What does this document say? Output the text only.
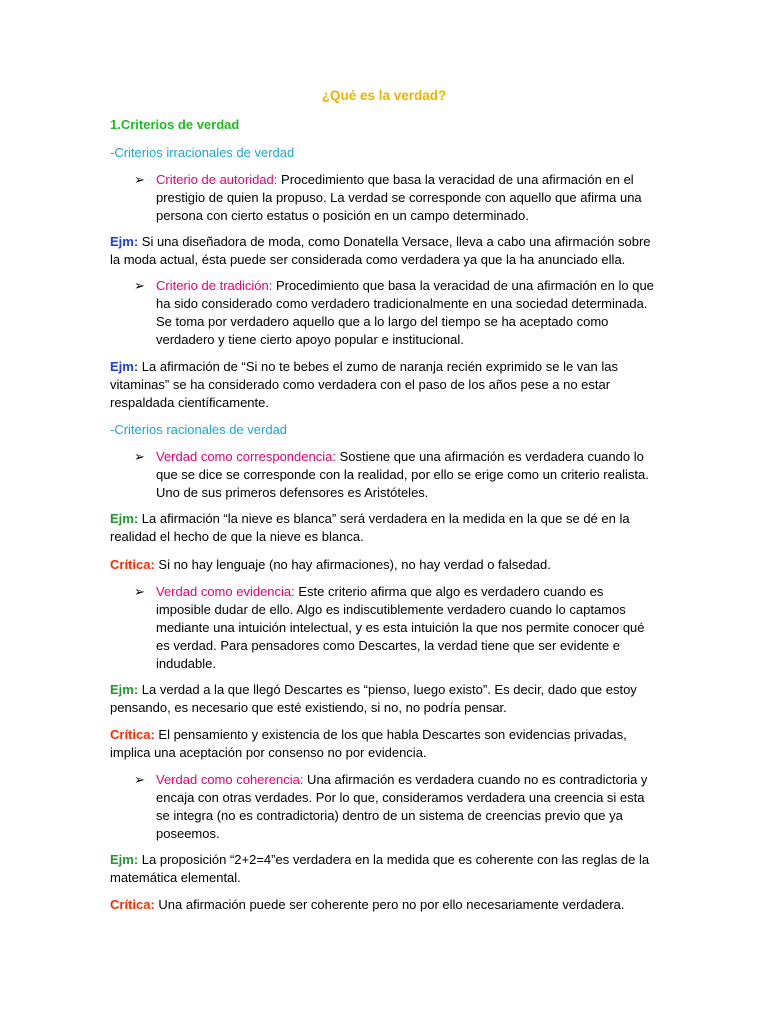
¿Qué es la verdad?
1.Criterios de verdad
-Criterios irracionales de verdad
➢ Criterio de autoridad: Procedimiento que basa la veracidad de una afirmación en el prestigio de quien la propuso. La verdad se corresponde con aquello que afirma una persona con cierto estatus o posición en un campo determinado.
Ejm: Si una diseñadora de moda, como Donatella Versace, lleva a cabo una afirmación sobre la moda actual, ésta puede ser considerada como verdadera ya que la ha anunciado ella.
➢ Criterio de tradición: Procedimiento que basa la veracidad de una afirmación en lo que ha sido considerado como verdadero tradicionalmente en una sociedad determinada. Se toma por verdadero aquello que a lo largo del tiempo se ha aceptado como verdadero y tiene cierto apoyo popular e institucional.
Ejm: La afirmación de “Si no te bebes el zumo de naranja recién exprimido se le van las vitaminas” se ha considerado como verdadera con el paso de los años pese a no estar respaldada científicamente.
-Criterios racionales de verdad
➢ Verdad como correspondencia: Sostiene que una afirmación es verdadera cuando lo que se dice se corresponde con la realidad, por ello se erige como un criterio realista. Uno de sus primeros defensores es Aristóteles.
Ejm: La afirmación “la nieve es blanca” será verdadera en la medida en la que se dé en la realidad el hecho de que la nieve es blanca.
Crítica: Si no hay lenguaje (no hay afirmaciones), no hay verdad o falsedad.
➢ Verdad como evidencia: Este criterio afirma que algo es verdadero cuando es imposible dudar de ello. Algo es indiscutiblemente verdadero cuando lo captamos mediante una intuición intelectual, y es esta intuición la que nos permite conocer qué es verdad. Para pensadores como Descartes, la verdad tiene que ser evidente e indudable.
Ejm: La verdad a la que llegó Descartes es “pienso, luego existo”. Es decir, dado que estoy pensando, es necesario que esté existiendo, si no, no podría pensar.
Crítica: El pensamiento y existencia de los que habla Descartes son evidencias privadas, implica una aceptación por consenso no por evidencia.
➢ Verdad como coherencia: Una afirmación es verdadera cuando no es contradictoria y encaja con otras verdades. Por lo que, consideramos verdadera una creencia si esta se integra (no es contradictoria) dentro de un sistema de creencias previo que ya poseemos.
Ejm: La proposición “2+2=4”es verdadera en la medida que es coherente con las reglas de la matemática elemental.
Crítica: Una afirmación puede ser coherente pero no por ello necesariamente verdadera.
